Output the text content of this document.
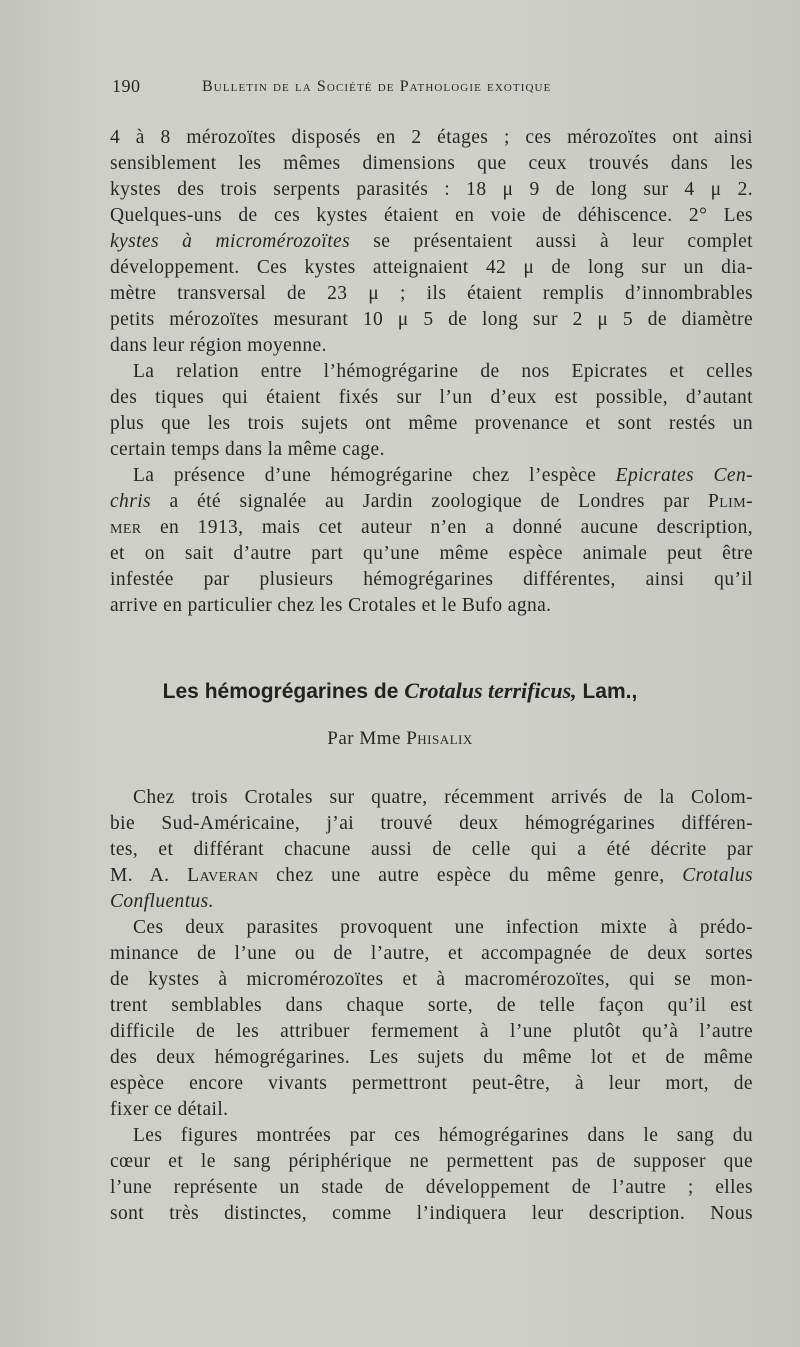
190	Bulletin de la Société de Pathologie exotique
4 à 8 mérozoïtes disposés en 2 étages ; ces mérozoïtes ont ainsi
sensiblement les mêmes dimensions que ceux trouvés dans les
kystes des trois serpents parasités : 18 μ 9 de long sur 4 μ 2.
Quelques-uns de ces kystes étaient en voie de déhiscence. 2° Les
kystes à micromérozoïtes se présentaient aussi à leur complet
développement. Ces kystes atteignaient 42 μ de long sur un dia-
mètre transversal de 23 μ ; ils étaient remplis d’innombrables
petits mérozoïtes mesurant 10 μ 5 de long sur 2 μ 5 de diamètre
dans leur région moyenne.
La relation entre l’hémogrégarine de nos Epicrates et celles
des tiques qui étaient fixés sur l’un d’eux est possible, d’autant
plus que les trois sujets ont même provenance et sont restés un
certain temps dans la même cage.
La présence d’une hémogrégarine chez l’espèce Epicrates Cen-
chris a été signalée au Jardin zoologique de Londres par Plim-
mer en 1913, mais cet auteur n’en a donné aucune description,
et on sait d’autre part qu’une même espèce animale peut être
infestée par plusieurs hémogrégarines différentes, ainsi qu’il
arrive en particulier chez les Crotales et le Bufo agna.
Les hémogrégarines de Crotalus terrificus, Lam.,
Par Mme Phisalix
Chez trois Crotales sur quatre, récemment arrivés de la Colom-
bie Sud-Américaine, j’ai trouvé deux hémogrégarines différen-
tes, et différant chacune aussi de celle qui a été décrite par
M. A. Laveran chez une autre espèce du même genre, Crotalus
Confluentus.
Ces deux parasites provoquent une infection mixte à prédo-
minance de l’une ou de l’autre, et accompagnée de deux sortes
de kystes à micromérozoïtes et à macromérozoïtes, qui se mon-
trent semblables dans chaque sorte, de telle façon qu’il est
difficile de les attribuer fermement à l’une plutôt qu’à l’autre
des deux hémogrégarines. Les sujets du même lot et de même
espèce encore vivants permettront peut-être, à leur mort, de
fixer ce détail.
Les figures montrées par ces hémogrégarines dans le sang du
cœur et le sang périphérique ne permettent pas de supposer que
l’une représente un stade de développement de l’autre ; elles
sont très distinctes, comme l’indiquera leur description. Nous
